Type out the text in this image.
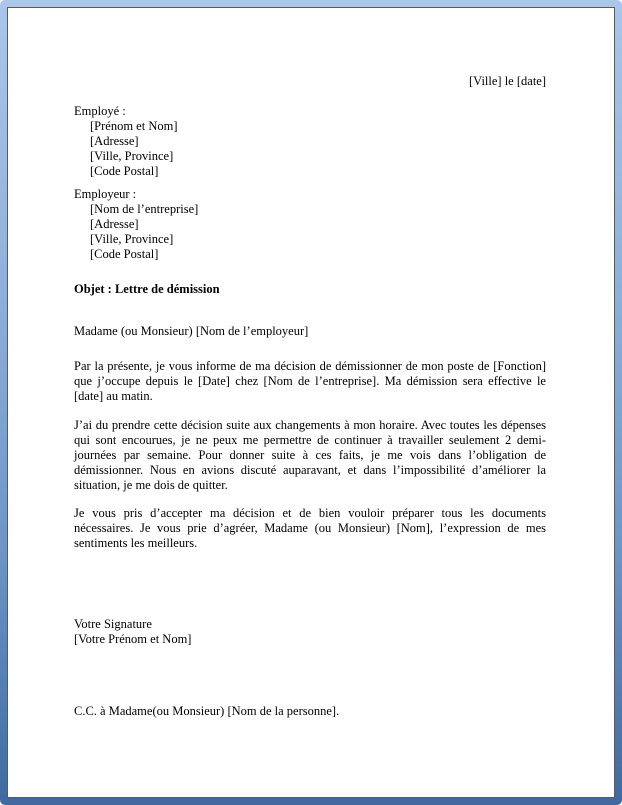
[Ville] le [date]

Employé :

[Prénom et Nom]

[Adresse]

[Ville, Province]

[Code Postal]

Employeur :

[Nom de l’entreprise]

[Adresse]

[Ville, Province]

[Code Postal]

Objet : Lettre de démission

Madame (ou Monsieur) [Nom de l’employeur]

Par la présente, je vous informe de ma décision de démissionner de mon poste de [Fonction] que j’occupe depuis le [Date] chez [Nom de l’entreprise]. Ma démission sera effective le [date] au matin.

J’ai du prendre cette décision suite aux changements à mon horaire. Avec toutes les dépenses qui sont encourues, je ne peux me permettre de continuer à travailler seulement 2 demi-journées par semaine. Pour donner suite à ces faits, je me vois dans l’obligation de démissionner. Nous en avions discuté auparavant, et dans l’impossibilité d’améliorer la situation, je me dois de quitter.

Je vous pris d’accepter ma décision et de bien vouloir préparer tous les documents nécessaires. Je vous prie d’agréer, Madame (ou Monsieur) [Nom], l’expression de mes sentiments les meilleurs.

Votre Signature

[Votre Prénom et Nom]

C.C. à Madame(ou Monsieur) [Nom de la personne].
